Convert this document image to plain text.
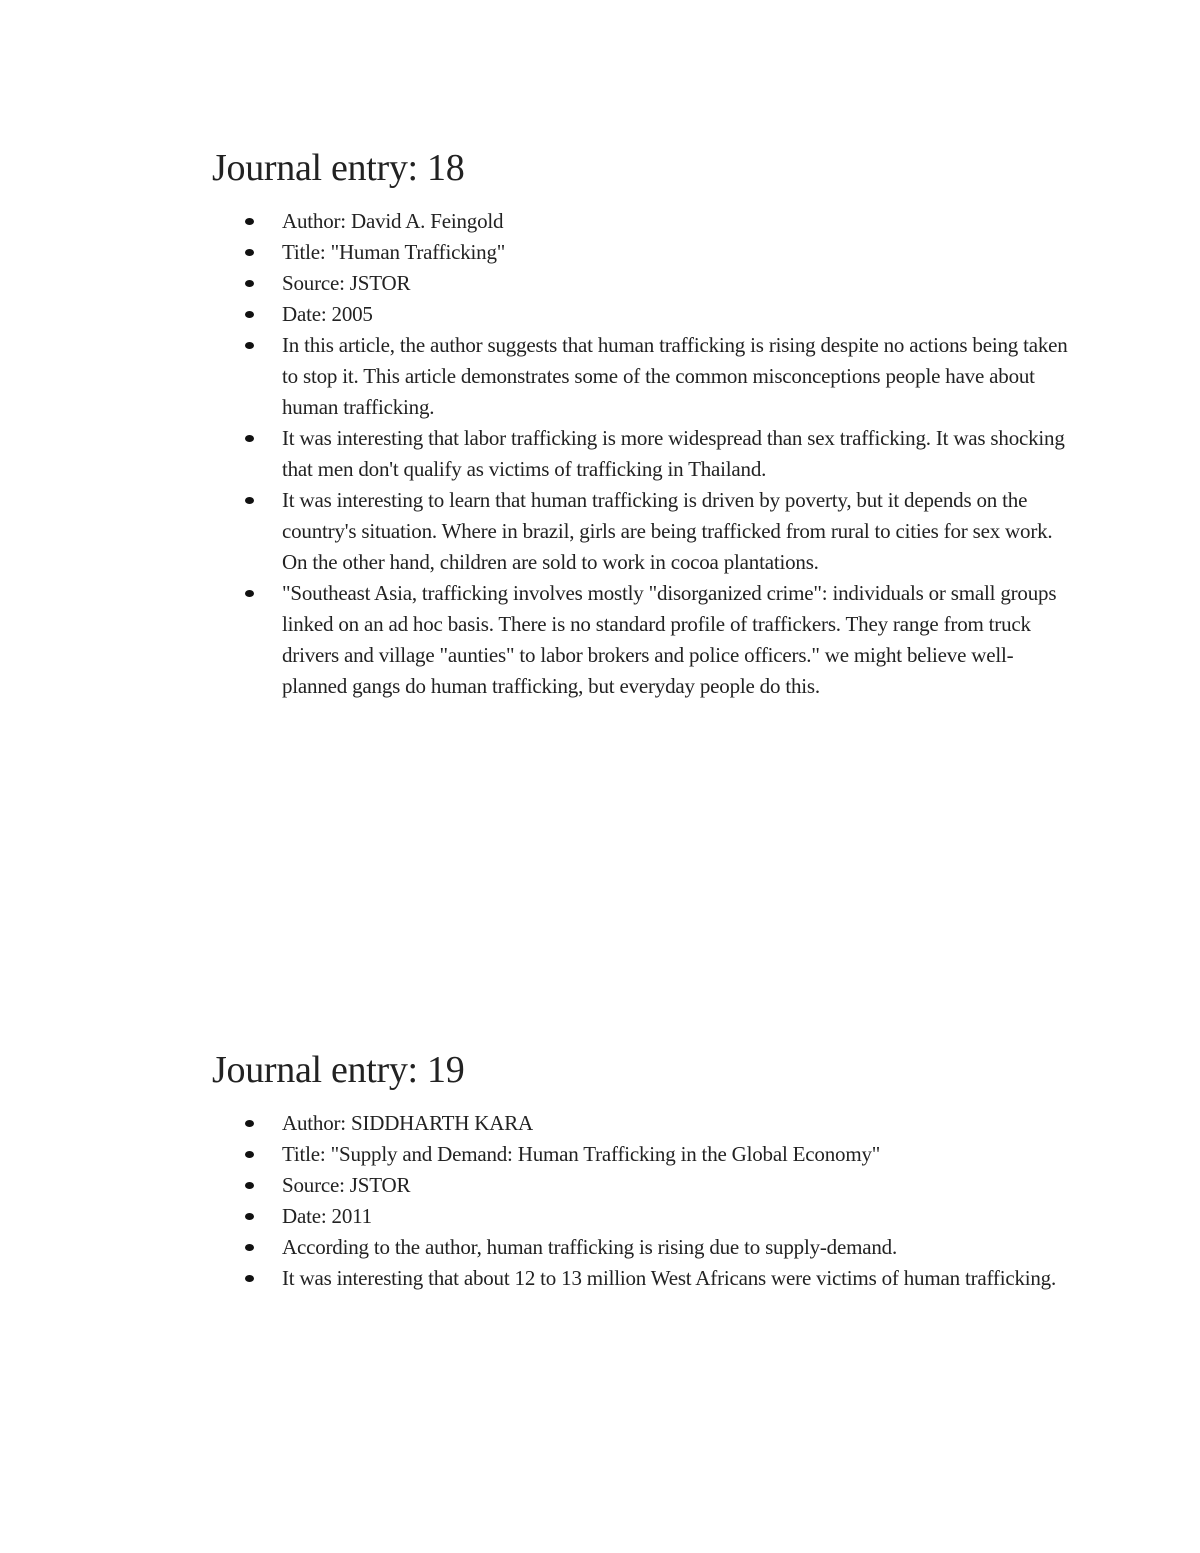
Journal entry: 18
Author: David A. Feingold
Title: "Human Trafficking"
Source: JSTOR
Date: 2005
In this article, the author suggests that human trafficking is rising despite no actions being taken to stop it. This article demonstrates some of the common misconceptions people have about human trafficking.
It was interesting that labor trafficking is more widespread than sex trafficking. It was shocking that men don't qualify as victims of trafficking in Thailand.
It was interesting to learn that human trafficking is driven by poverty, but it depends on the country's situation. Where in brazil, girls are being trafficked from rural to cities for sex work. On the other hand, children are sold to work in cocoa plantations.
"Southeast Asia, trafficking involves mostly "disorganized crime": individuals or small groups linked on an ad hoc basis. There is no standard profile of traffickers. They range from truck drivers and village "aunties" to labor brokers and police officers." we might believe well-planned gangs do human trafficking, but everyday people do this.
Journal entry: 19
Author: SIDDHARTH KARA
Title: "Supply and Demand: Human Trafficking in the Global Economy"
Source: JSTOR
Date: 2011
According to the author, human trafficking is rising due to supply-demand.
It was interesting that about 12 to 13 million West Africans were victims of human trafficking.
